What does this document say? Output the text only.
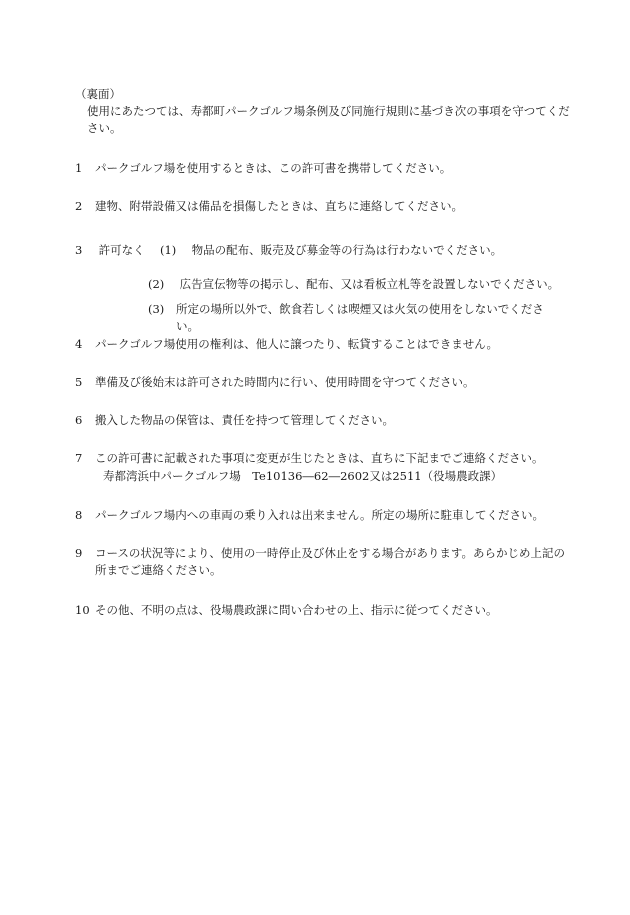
（裏面）

使用にあたつては、寿都町パークゴルフ場条例及び同施行規則に基づき次の事項を守つてください。

1	パークゴルフ場を使用するときは、この許可書を携帯してください。
2	建物、附帯設備又は備品を損傷したときは、直ちに連絡してください。
3 許可なく (1) 物品の配布、販売及び募金等の行為は行わないでください。
(2) 広告宣伝物等の掲示し、配布、又は看板立札等を設置しないでください。
(3)	所定の場所以外で、飲食若しくは喫煙又は火気の使用をしないでください。
4	パークゴルフ場使用の権利は、他人に譲つたり、転貸することはできません。
5	準備及び後始末は許可された時間内に行い、使用時間を守つてください。
6	搬入した物品の保管は、責任を持つて管理してください。
7	この許可書に記載された事項に変更が生じたときは、直ちに下記までご連絡ください。
寿都湾浜中パークゴルフ場　Te10136―62―2602又は2511（役場農政課）
8	パークゴルフ場内への車両の乗り入れは出来ません。所定の場所に駐車してください。
9	コースの状況等により、使用の一時停止及び休止をする場合があります。あらかじめ上記の所までご連絡ください。
10 その他、不明の点は、役場農政課に問い合わせの上、指示に従つてください。
